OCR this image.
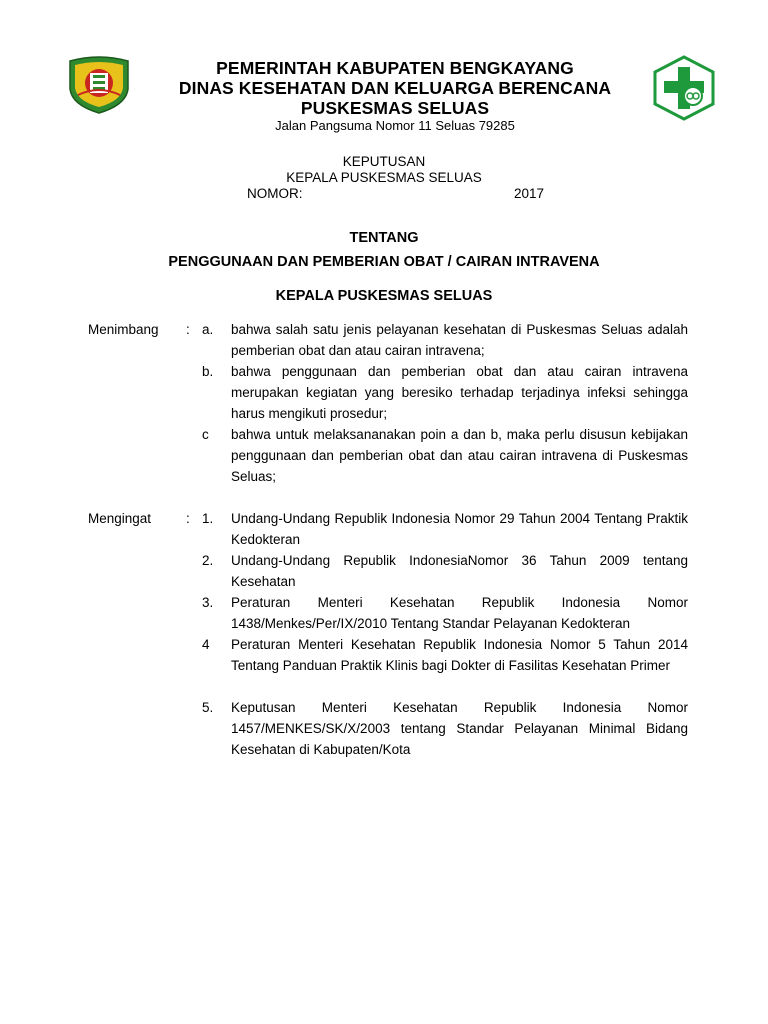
PEMERINTAH KABUPATEN BENGKAYANG
DINAS KESEHATAN DAN KELUARGA BERENCANA
PUSKESMAS SELUAS
Jalan Pangsuma Nomor 11 Seluas 79285
KEPUTUSAN
KEPALA PUSKESMAS SELUAS
NOMOR:	2017
TENTANG
PENGGUNAAN DAN PEMBERIAN OBAT / CAIRAN INTRAVENA
KEPALA PUSKESMAS SELUAS
Menimbang : a. bahwa salah satu jenis pelayanan kesehatan di Puskesmas Seluas adalah pemberian obat dan atau cairan intravena;
b. bahwa penggunaan dan pemberian obat dan atau cairan intravena merupakan kegiatan yang beresiko terhadap terjadinya infeksi sehingga harus mengikuti prosedur;
c bahwa untuk melaksananakan poin a dan b, maka perlu disusun kebijakan penggunaan dan pemberian obat dan atau cairan intravena di Puskesmas Seluas;
Mengingat	: 1. Undang-Undang Republik Indonesia Nomor 29 Tahun 2004 Tentang Praktik Kedokteran
2. Undang-Undang Republik IndonesiaNomor 36 Tahun 2009 tentang Kesehatan
3. Peraturan Menteri Kesehatan Republik Indonesia Nomor 1438/Menkes/Per/IX/2010 Tentang Standar Pelayanan Kedokteran
4 Peraturan Menteri Kesehatan Republik Indonesia Nomor 5 Tahun 2014 Tentang Panduan Praktik Klinis bagi Dokter di Fasilitas Kesehatan Primer
5. Keputusan Menteri Kesehatan Republik Indonesia Nomor 1457/MENKES/SK/X/2003 tentang Standar Pelayanan Minimal Bidang Kesehatan di Kabupaten/Kota
